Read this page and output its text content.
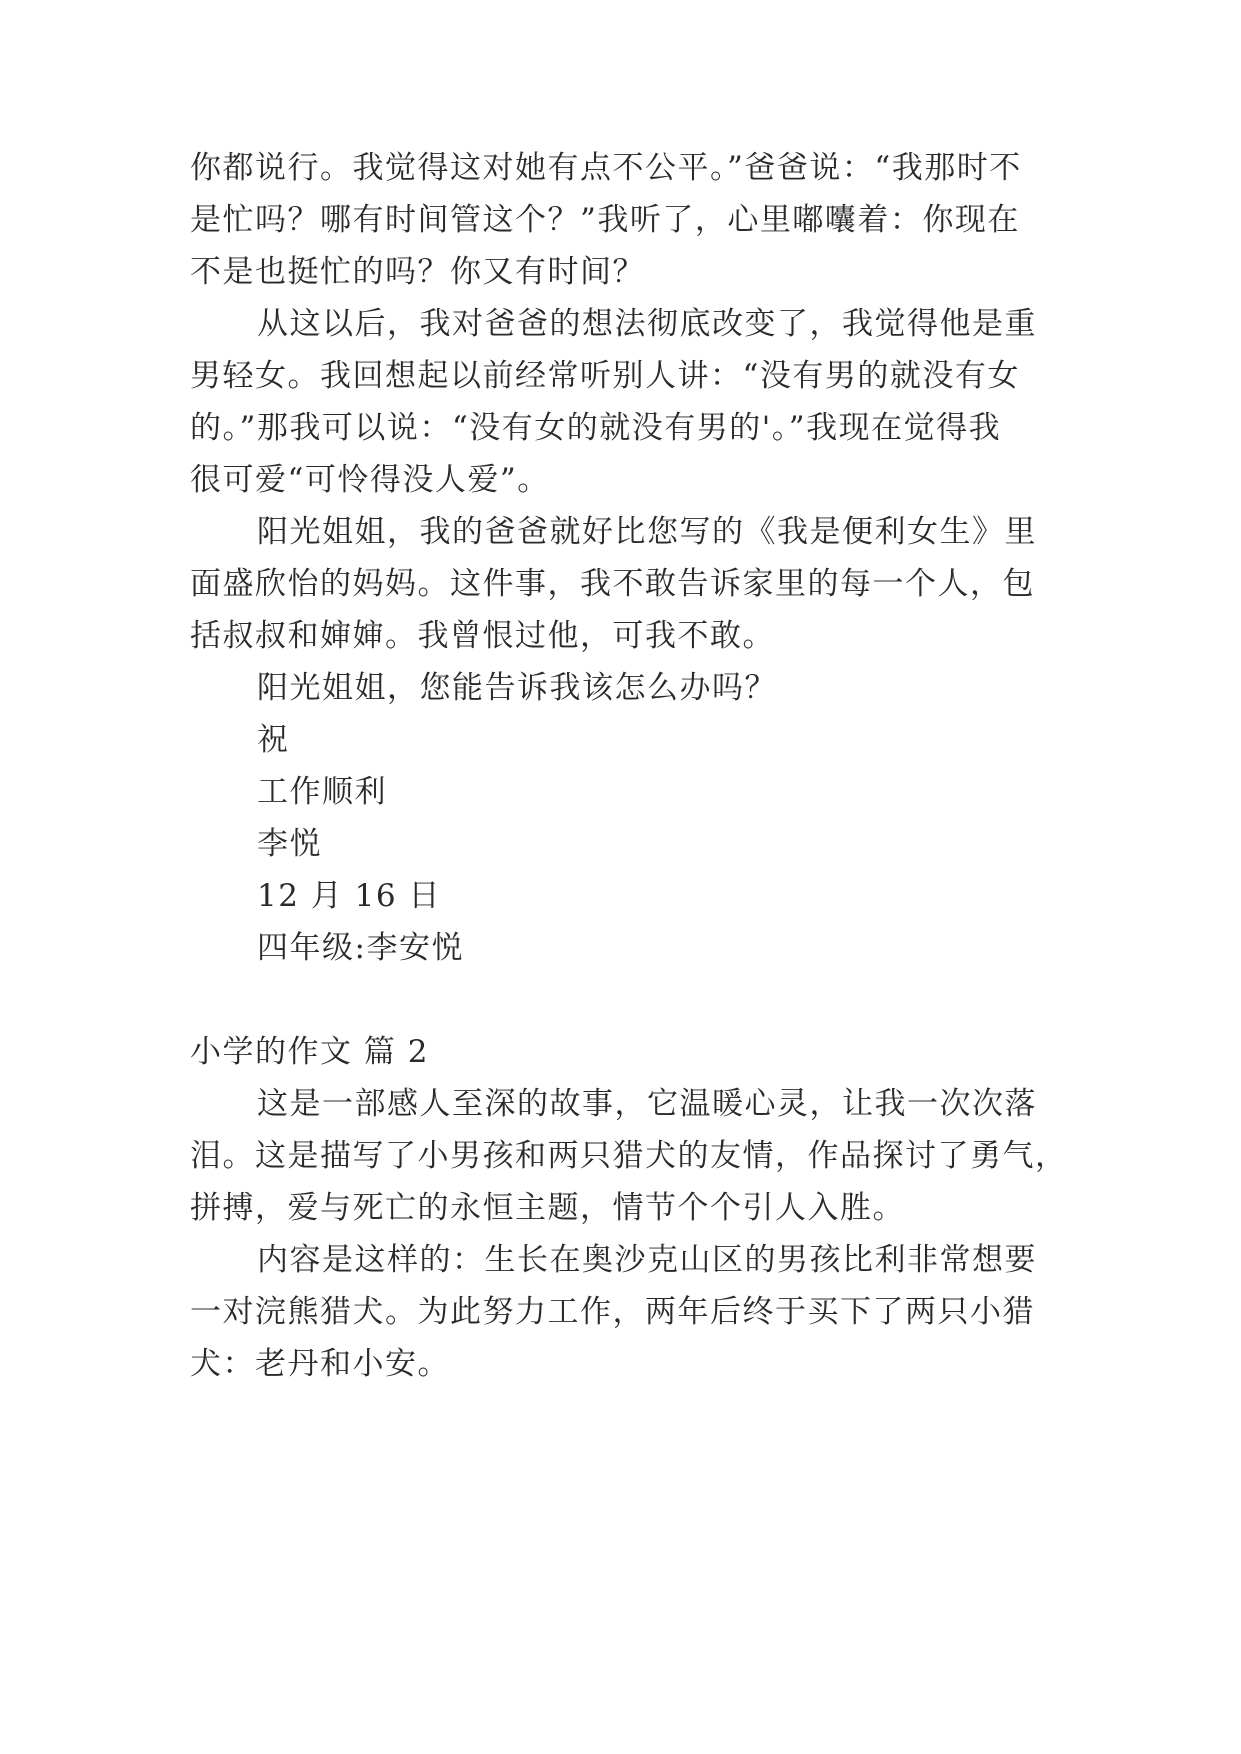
你都说行。我觉得这对她有点不公平。”爸爸说：“我那时不
是忙吗？哪有时间管这个？”我听了，心里嘟囔着：你现在
不是也挺忙的吗？你又有时间？
从这以后，我对爸爸的想法彻底改变了，我觉得他是重
男轻女。我回想起以前经常听别人讲：“没有男的就没有女
的。”那我可以说：“没有女的就没有男的'。”我现在觉得我
很可爱“可怜得没人爱”。
阳光姐姐，我的爸爸就好比您写的《我是便利女生》里
面盛欣怡的妈妈。这件事，我不敢告诉家里的每一个人，包
括叔叔和婶婶。我曾恨过他，可我不敢。
阳光姐姐，您能告诉我该怎么办吗？
祝
工作顺利
李悦
12 月 16 日
四年级:李安悦
小学的作文 篇 2
这是一部感人至深的故事，它温暖心灵，让我一次次落
泪。这是描写了小男孩和两只猎犬的友情，作品探讨了勇气，
拼搏，爱与死亡的永恒主题，情节个个引人入胜。
内容是这样的：生长在奥沙克山区的男孩比利非常想要
一对浣熊猎犬。为此努力工作，两年后终于买下了两只小猎
犬：老丹和小安。
